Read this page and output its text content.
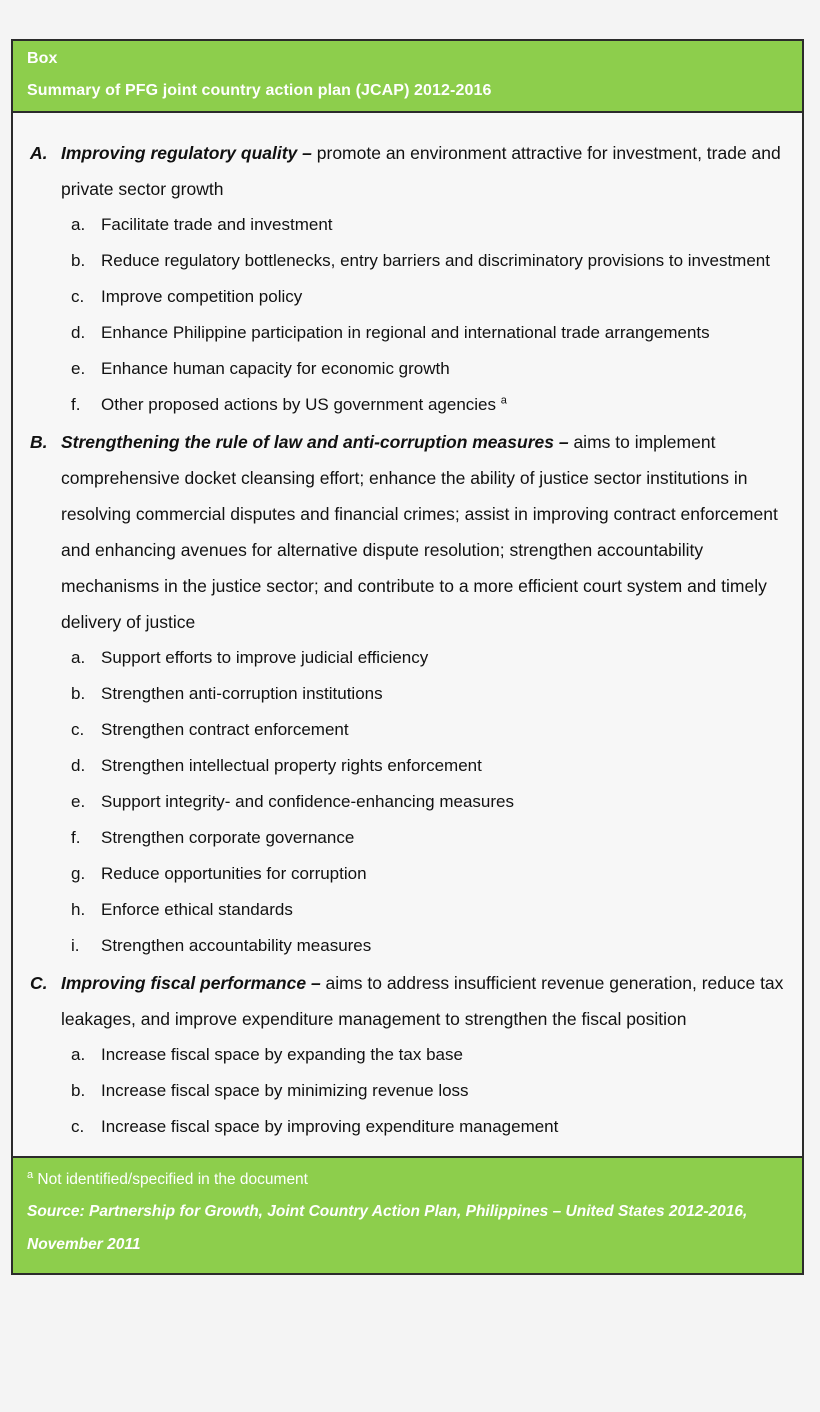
Box
Summary of PFG joint country action plan (JCAP) 2012-2016
A. Improving regulatory quality – promote an environment attractive for investment, trade and private sector growth
a. Facilitate trade and investment
b. Reduce regulatory bottlenecks, entry barriers and discriminatory provisions to investment
c. Improve competition policy
d. Enhance Philippine participation in regional and international trade arrangements
e. Enhance human capacity for economic growth
f.	Other proposed actions by US government agencies $^a$
B. Strengthening the rule of law and anti-corruption measures – aims to implement comprehensive docket cleansing effort; enhance the ability of justice sector institutions in resolving commercial disputes and financial crimes; assist in improving contract enforcement and enhancing avenues for alternative dispute resolution; strengthen accountability mechanisms in the justice sector; and contribute to a more efficient court system and timely delivery of justice
a. Support efforts to improve judicial efficiency
b. Strengthen anti-corruption institutions
c. Strengthen contract enforcement
d. Strengthen intellectual property rights enforcement
e. Support integrity- and confidence-enhancing measures
f.	Strengthen corporate governance
g. Reduce opportunities for corruption
h. Enforce ethical standards
i.	Strengthen accountability measures
C. Improving fiscal performance – aims to address insufficient revenue generation, reduce tax leakages, and improve expenditure management to strengthen the fiscal position
a. Increase fiscal space by expanding the tax base
b. Increase fiscal space by minimizing revenue loss
c. Increase fiscal space by improving expenditure management
$^a$ Not identified/specified in the document
Source: Partnership for Growth, Joint Country Action Plan, Philippines – United States 2012-2016, November 2011
